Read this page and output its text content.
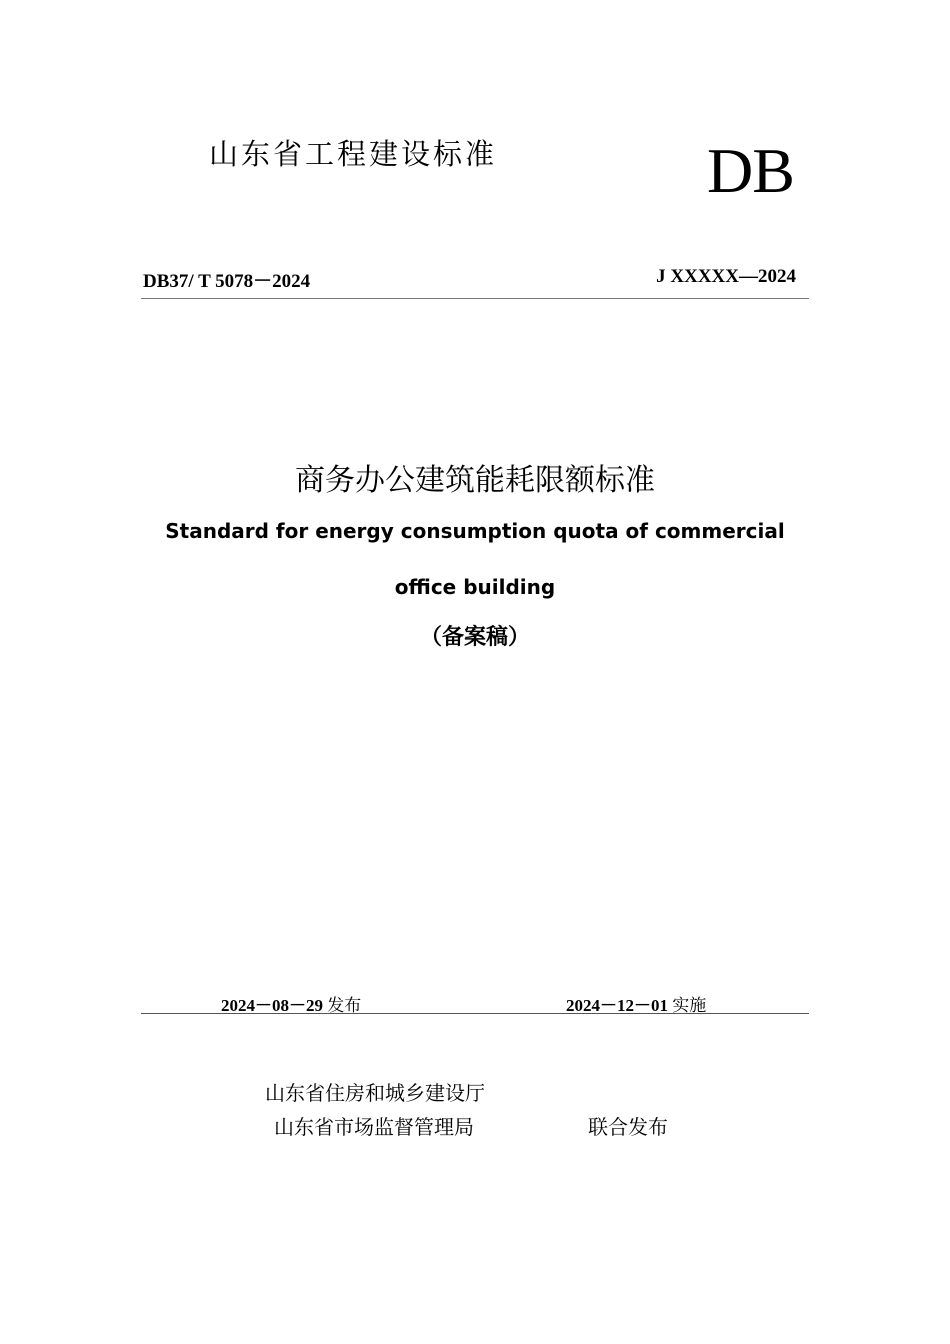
山东省工程建设标准	DB
DB37/ T 5078－2024	J XXXXX—2024
商务办公建筑能耗限额标准
Standard for energy consumption quota of commercial
office building
（备案稿）
2024－08－29 发布	2024－12－01 实施
山东省住房和城乡建设厅
山东省市场监督管理局	联合发布
